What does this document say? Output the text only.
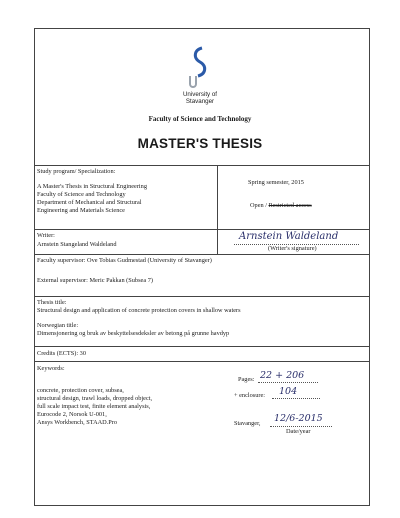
University of
Stavanger
Faculty of Science and Technology
MASTER'S THESIS
Study program/ Specialization:
A Master's Thesis in Structural Engineering
Faculty of Science and Technology
Department of Mechanical and Structural
Engineering and Materials Science
Spring semester, 2015
Open / Restricted access
Writer:
Arnstein Stangeland Waldeland
Arnstein Waldeland
(Writer's signature)
Faculty supervisor: Ove Tobias Gudmestad (University of Stavanger)
External supervisor: Meric Pakkan (Subsea 7)
Thesis title:
Structural design and application of concrete protection covers in shallow waters
Norwegian title:
Dimensjonering og bruk av beskyttelsesdeksler av betong på grunne havdyp
Credits (ECTS): 30
Keywords:
concrete, protection cover, subsea,
structural design, trawl loads, dropped object,
full scale impact test, finite element analysis,
Eurocode 2, Norsok U-001,
Ansys Workbench, STAAD.Pro
Pages: 22 + 206
+ enclosure: 104
Stavanger, 12/6-2015
Date/year
